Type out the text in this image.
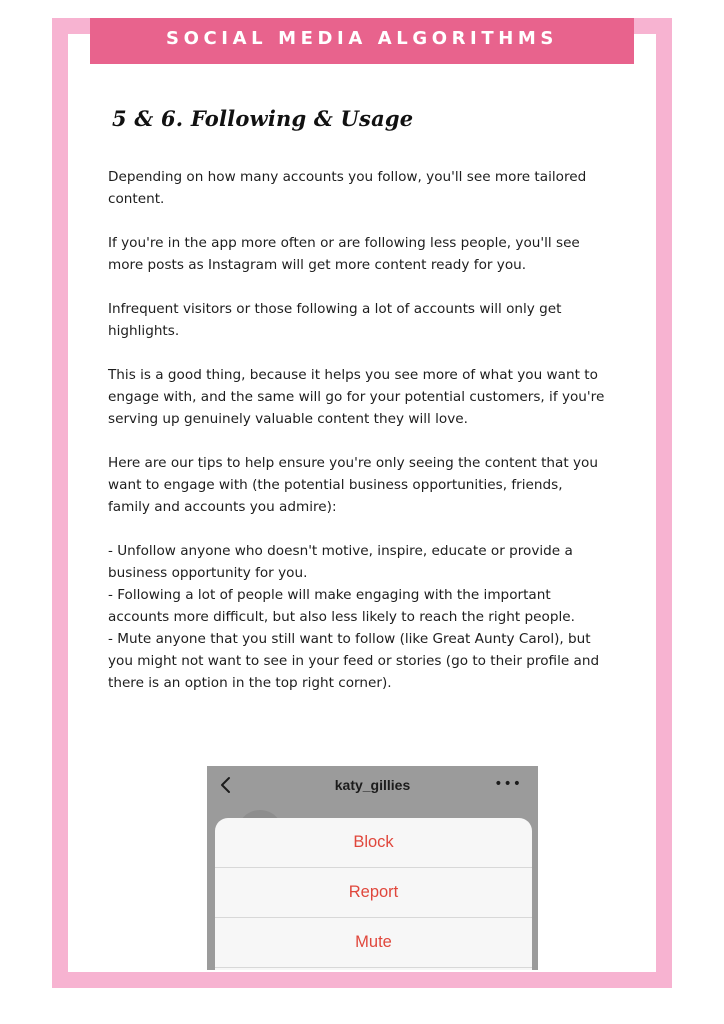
SOCIAL MEDIA ALGORITHMS
5 & 6. Following & Usage

Depending on how many accounts you follow, you'll see more tailored content.

If you're in the app more often or are following less people, you'll see more posts as Instagram will get more content ready for you.

Infrequent visitors or those following a lot of accounts will only get highlights.

This is a good thing, because it helps you see more of what you want to engage with, and the same will go for your potential customers, if you're serving up genuinely valuable content they will love.

Here are our tips to help ensure you're only seeing the content that you want to engage with (the potential business opportunities, friends, family and accounts you admire):

- Unfollow anyone who doesn't motive, inspire, educate or provide a business opportunity for you.
- Following a lot of people will make engaging with the important accounts more difficult, but also less likely to reach the right people.
- Mute anyone that you still want to follow (like Great Aunty Carol), but you might not want to see in your feed or stories (go to their profile and there is an option in the top right corner).
katy_gillies	•••
Block
Report
Mute
